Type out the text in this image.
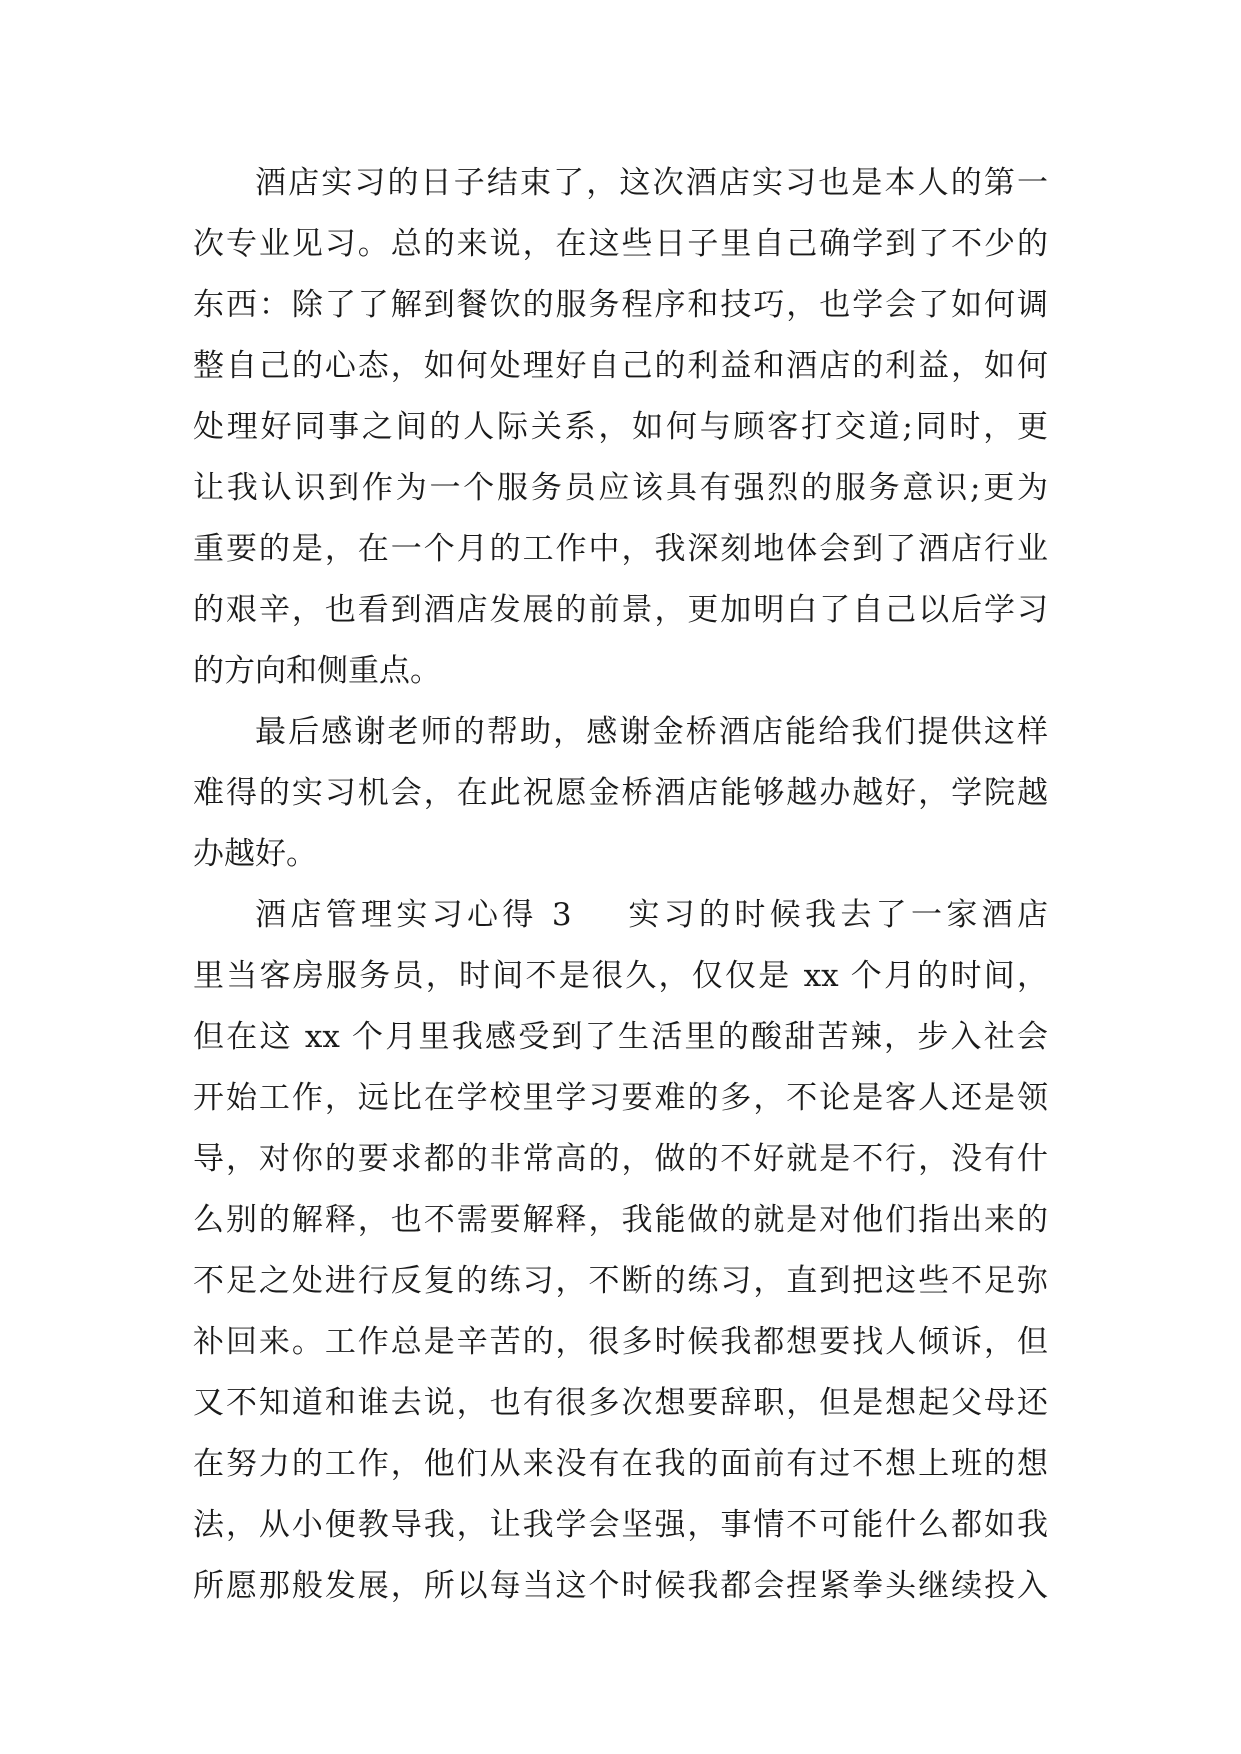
酒店实习的日子结束了，这次酒店实习也是本人的第一
次专业见习。总的来说，在这些日子里自己确学到了不少的
东西：除了了解到餐饮的服务程序和技巧，也学会了如何调
整自己的心态，如何处理好自己的利益和酒店的利益，如何
处理好同事之间的人际关系，如何与顾客打交道;同时，更
让我认识到作为一个服务员应该具有强烈的服务意识;更为
重要的是，在一个月的工作中，我深刻地体会到了酒店行业
的艰辛，也看到酒店发展的前景，更加明白了自己以后学习
的方向和侧重点。
最后感谢老师的帮助，感谢金桥酒店能给我们提供这样
难得的实习机会，在此祝愿金桥酒店能够越办越好，学院越
办越好。
酒店管理实习心得 3    实习的时候我去了一家酒店
里当客房服务员，时间不是很久，仅仅是 xx 个月的时间，
但在这 xx 个月里我感受到了生活里的酸甜苦辣，步入社会
开始工作，远比在学校里学习要难的多，不论是客人还是领
导，对你的要求都的非常高的，做的不好就是不行，没有什
么别的解释，也不需要解释，我能做的就是对他们指出来的
不足之处进行反复的练习，不断的练习，直到把这些不足弥
补回来。工作总是辛苦的，很多时候我都想要找人倾诉，但
又不知道和谁去说，也有很多次想要辞职，但是想起父母还
在努力的工作，他们从来没有在我的面前有过不想上班的想
法，从小便教导我，让我学会坚强，事情不可能什么都如我
所愿那般发展，所以每当这个时候我都会捏紧拳头继续投入
